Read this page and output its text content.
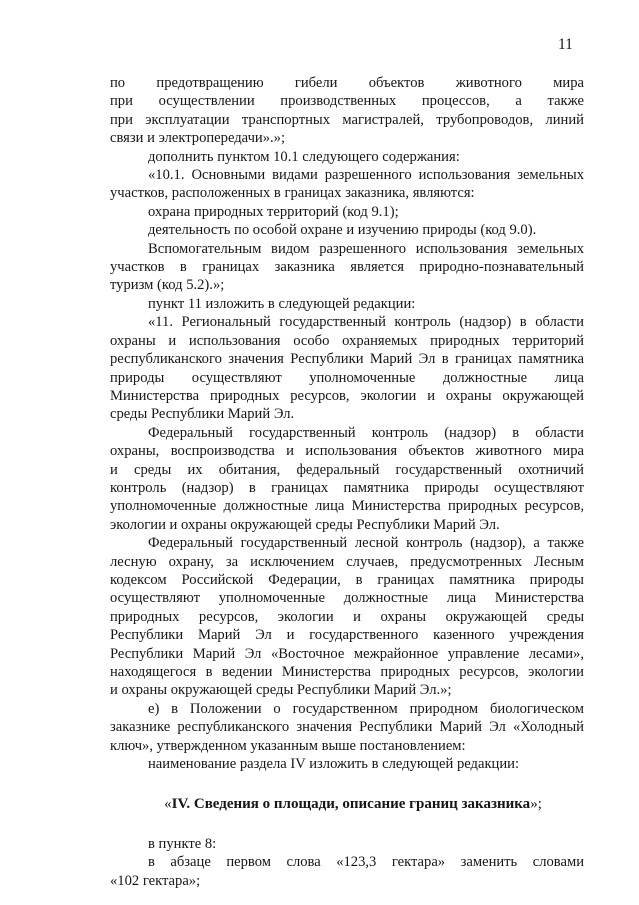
11

по предотвращению гибели объектов животного мира

при осуществлении производственных процессов, а также

при эксплуатации транспортных магистралей, трубопроводов, линий

связи и электропередачи».»;

дополнить пунктом 10.1 следующего содержания:

«10.1. Основными видами разрешенного использования земельных

участков, расположенных в границах заказника, являются:

охрана природных территорий (код 9.1);

деятельность по особой охране и изучению природы (код 9.0).

Вспомогательным видом разрешенного использования земельных

участков в границах заказника является природно-познавательный

туризм (код 5.2).»;

пункт 11 изложить в следующей редакции:

«11. Региональный государственный контроль (надзор) в области

охраны и использования особо охраняемых природных территорий

республиканского значения Республики Марий Эл в границах памятника

природы осуществляют уполномоченные должностные лица

Министерства природных ресурсов, экологии и охраны окружающей

среды Республики Марий Эл.

Федеральный государственный контроль (надзор) в области

охраны, воспроизводства и использования объектов животного мира

и среды их обитания, федеральный государственный охотничий

контроль (надзор) в границах памятника природы осуществляют

уполномоченные должностные лица Министерства природных ресурсов,

экологии и охраны окружающей среды Республики Марий Эл.

Федеральный государственный лесной контроль (надзор), а также

лесную охрану, за исключением случаев, предусмотренных Лесным

кодексом Российской Федерации, в границах памятника природы

осуществляют уполномоченные должностные лица Министерства

природных ресурсов, экологии и охраны окружающей среды

Республики Марий Эл и государственного казенного учреждения

Республики Марий Эл «Восточное межрайонное управление лесами»,

находящегося в ведении Министерства природных ресурсов, экологии

и охраны окружающей среды Республики Марий Эл.»;

е) в Положении о государственном природном биологическом

заказнике республиканского значения Республики Марий Эл «Холодный

ключ», утвержденном указанным выше постановлением:

наименование раздела IV изложить в следующей редакции:

«IV. Сведения о площади, описание границ заказника»;

в пункте 8:

в абзаце первом слова «123,3 гектара» заменить словами

«102 гектара»;
